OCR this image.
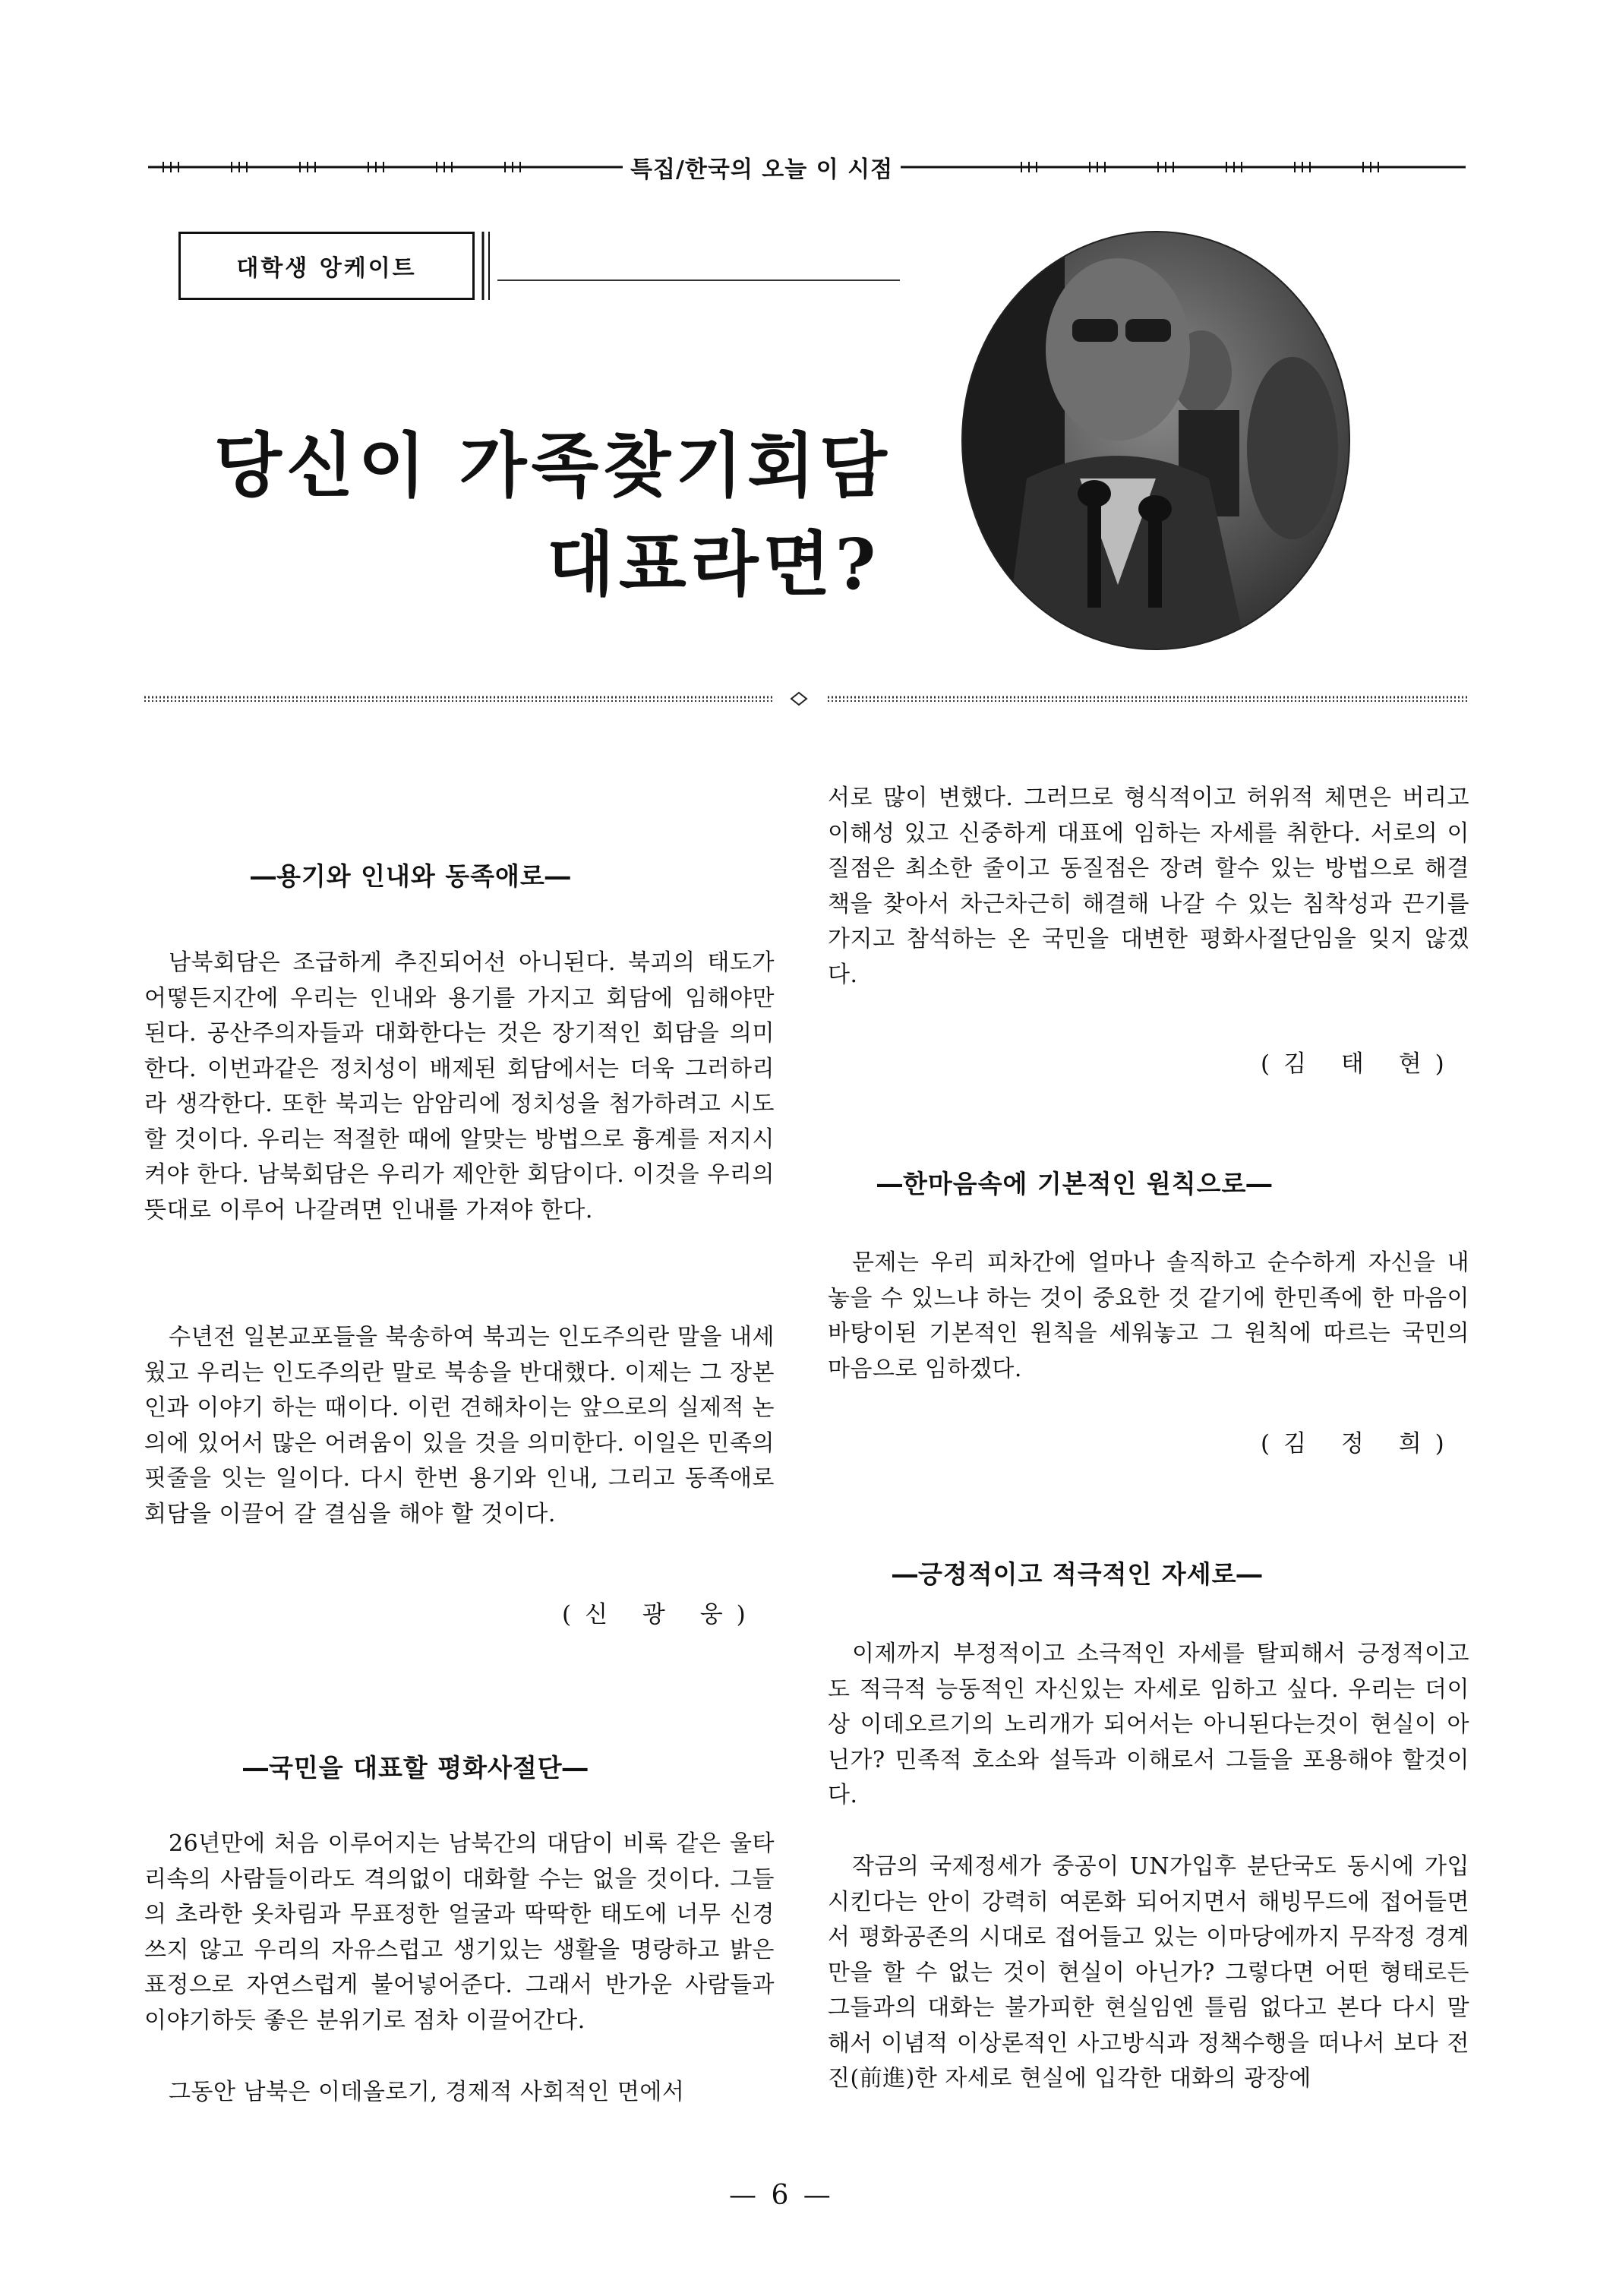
특집/한국의 오늘 이 시점
대학생 앙케이트
당신이 가족찾기회담
대표라면?
―용기와 인내와 동족애로―
남북회담은 조급하게 추진되어선 아니된다. 북괴의 태도가 어떻든지간에 우리는 인내와 용기를 가지고 회담에 임해야만 된다. 공산주의자들과 대화한다는 것은 장기적인 회담을 의미한다. 이번과같은 정치성이 배제된 회담에서는 더욱 그러하리라 생각한다. 또한 북괴는 암암리에 정치성을 첨가하려고 시도할 것이다. 우리는 적절한 때에 알맞는 방법으로 흉계를 저지시켜야 한다. 남북회담은 우리가 제안한 회담이다. 이것을 우리의 뜻대로 이루어 나갈려면 인내를 가져야 한다.
수년전 일본교포들을 북송하여 북괴는 인도주의란 말을 내세웠고 우리는 인도주의란 말로 북송을 반대했다. 이제는 그 장본인과 이야기 하는 때이다. 이런 견해차이는 앞으로의 실제적 논의에 있어서 많은 어려움이 있을 것을 의미한다. 이일은 민족의 핏줄을 잇는 일이다. 다시 한번 용기와 인내, 그리고 동족애로 회담을 이끌어 갈 결심을 해야 할 것이다.
(신 광 웅)
―국민을 대표할 평화사절단―
26년만에 처음 이루어지는 남북간의 대담이 비록 같은 울타리속의 사람들이라도 격의없이 대화할 수는 없을 것이다. 그들의 초라한 옷차림과 무표정한 얼굴과 딱딱한 태도에 너무 신경쓰지 않고 우리의 자유스럽고 생기있는 생활을 명랑하고 밝은표정으로 자연스럽게 불어넣어준다. 그래서 반가운 사람들과 이야기하듯 좋은 분위기로 점차 이끌어간다.
그동안 남북은 이데올로기, 경제적 사회적인 면에서
서로 많이 변했다. 그러므로 형식적이고 허위적 체면은 버리고 이해성 있고 신중하게 대표에 임하는 자세를 취한다. 서로의 이질점은 최소한 줄이고 동질점은 장려 할수 있는 방법으로 해결책을 찾아서 차근차근히 해결해 나갈 수 있는 침착성과 끈기를 가지고 참석하는 온 국민을 대변한 평화사절단임을 잊지 않겠다.
(김 태 현)
―한마음속에 기본적인 원칙으로―
문제는 우리 피차간에 얼마나 솔직하고 순수하게 자신을 내 놓을 수 있느냐 하는 것이 중요한 것 같기에 한민족에 한 마음이 바탕이된 기본적인 원칙을 세워놓고 그 원칙에 따르는 국민의 마음으로 임하겠다.
(김 정 희)
―긍정적이고 적극적인 자세로―
이제까지 부정적이고 소극적인 자세를 탈피해서 긍정적이고도 적극적 능동적인 자신있는 자세로 임하고 싶다. 우리는 더이상 이데오르기의 노리개가 되어서는 아니된다는것이 현실이 아닌가? 민족적 호소와 설득과 이해로서 그들을 포용해야 할것이다.
작금의 국제정세가 중공이 UN가입후 분단국도 동시에 가입 시킨다는 안이 강력히 여론화 되어지면서 해빙무드에 접어들면서 평화공존의 시대로 접어들고 있는 이마당에까지 무작정 경계만을 할 수 없는 것이 현실이 아닌가? 그렇다면 어떤 형태로든 그들과의 대화는 불가피한 현실임엔 틀림 없다고 본다 다시 말해서 이념적 이상론적인 사고방식과 정책수행을 떠나서 보다 전진(前進)한 자세로 현실에 입각한 대화의 광장에
— 6 —
